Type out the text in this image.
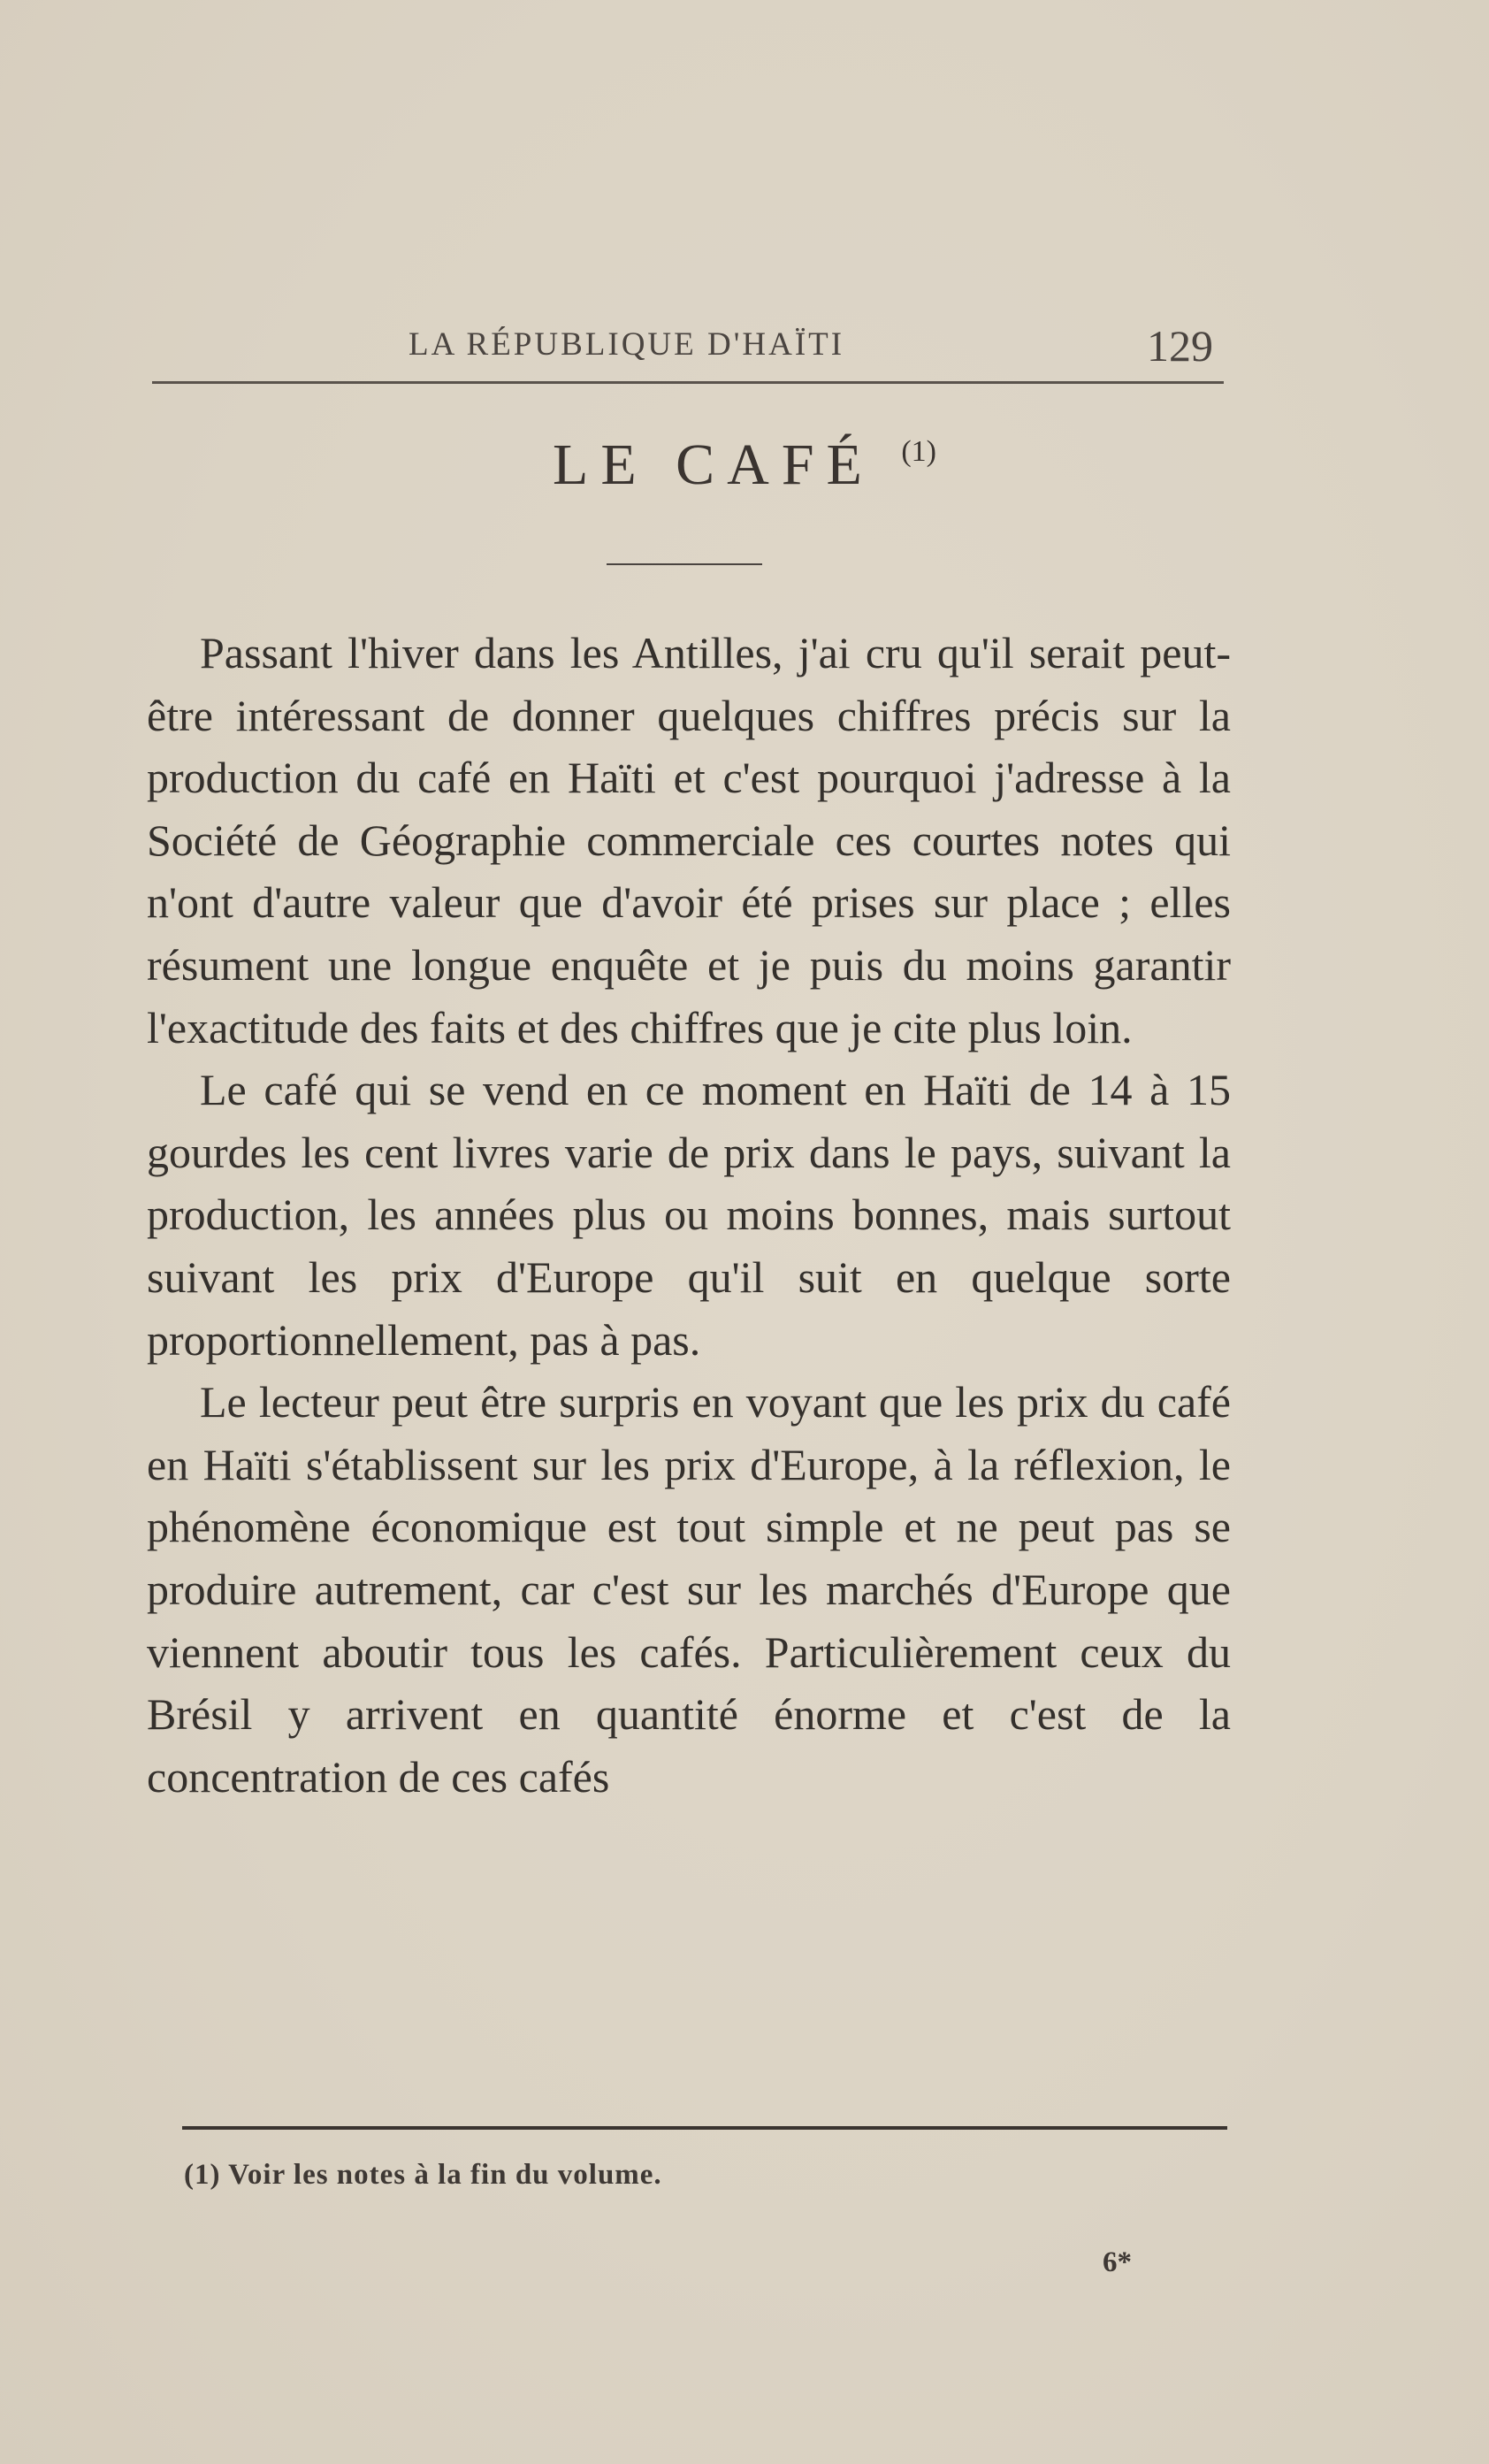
LA RÉPUBLIQUE D'HAÏTI	129
LE CAFÉ $^{(1)}$

Passant l'hiver dans les Antilles, j'ai cru qu'il serait peut-être intéressant de donner quelques chiffres précis sur la production du café en Haïti et c'est pourquoi j'adresse à la Société de Géographie commerciale ces courtes notes qui n'ont d'autre valeur que d'avoir été prises sur place ; elles résument une longue enquête et je puis du moins garantir l'exactitude des faits et des chiffres que je cite plus loin.

Le café qui se vend en ce moment en Haïti de 14 à 15 gourdes les cent livres varie de prix dans le pays, suivant la production, les années plus ou moins bonnes, mais surtout suivant les prix d'Europe qu'il suit en quelque sorte proportionnellement, pas à pas.

Le lecteur peut être surpris en voyant que les prix du café en Haïti s'établissent sur les prix d'Europe, à la réflexion, le phénomène économique est tout simple et ne peut pas se produire autrement, car c'est sur les marchés d'Europe que viennent aboutir tous les cafés. Particulièrement ceux du Brésil y arrivent en quantité énorme et c'est de la concentration de ces cafés

(1) Voir les notes à la fin du volume.
6*
